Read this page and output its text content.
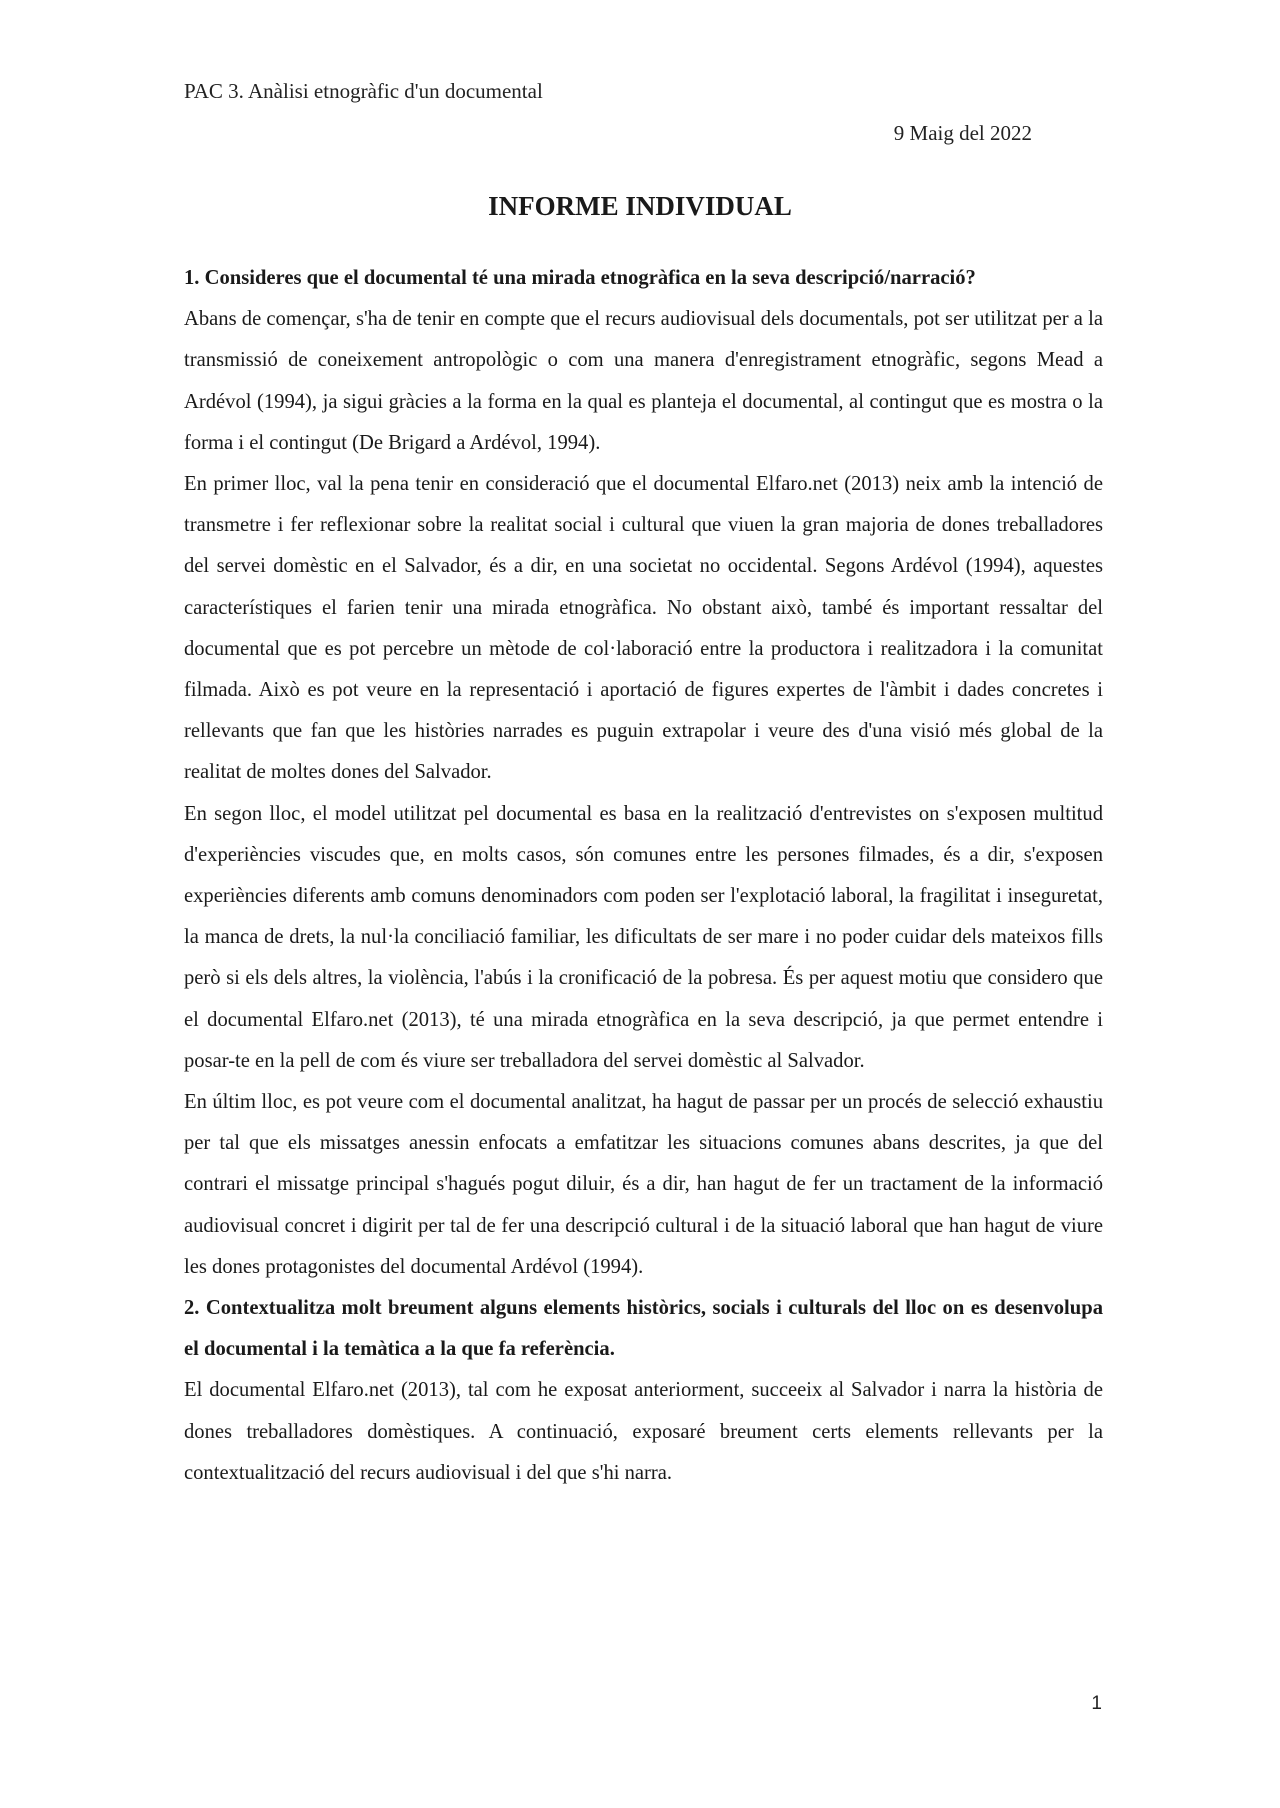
PAC 3. Anàlisi etnogràfic d'un documental
9 Maig del 2022
INFORME INDIVIDUAL

1. Consideres que el documental té una mirada etnogràfica en la seva descripció/narració?

Abans de començar, s'ha de tenir en compte que el recurs audiovisual dels documentals, pot ser utilitzat per a la transmissió de coneixement antropològic o com una manera d'enregistrament etnogràfic, segons Mead a Ardévol (1994), ja sigui gràcies a la forma en la qual es planteja el documental, al contingut que es mostra o la forma i el contingut (De Brigard a Ardévol, 1994).

En primer lloc, val la pena tenir en consideració que el documental Elfaro.net (2013) neix amb la intenció de transmetre i fer reflexionar sobre la realitat social i cultural que viuen la gran majoria de dones treballadores del servei domèstic en el Salvador, és a dir, en una societat no occidental. Segons Ardévol (1994), aquestes característiques el farien tenir una mirada etnogràfica. No obstant això, també és important ressaltar del documental que es pot percebre un mètode de col·laboració entre la productora i realitzadora i la comunitat filmada. Això es pot veure en la representació i aportació de figures expertes de l'àmbit i dades concretes i rellevants que fan que les històries narrades es puguin extrapolar i veure des d'una visió més global de la realitat de moltes dones del Salvador.

En segon lloc, el model utilitzat pel documental es basa en la realització d'entrevistes on s'exposen multitud d'experiències viscudes que, en molts casos, són comunes entre les persones filmades, és a dir, s'exposen experiències diferents amb comuns denominadors com poden ser l'explotació laboral, la fragilitat i inseguretat, la manca de drets, la nul·la conciliació familiar, les dificultats de ser mare i no poder cuidar dels mateixos fills però si els dels altres, la violència, l'abús i la cronificació de la pobresa. És per aquest motiu que considero que el documental Elfaro.net (2013), té una mirada etnogràfica en la seva descripció, ja que permet entendre i posar-te en la pell de com és viure ser treballadora del servei domèstic al Salvador.

En últim lloc, es pot veure com el documental analitzat, ha hagut de passar per un procés de selecció exhaustiu per tal que els missatges anessin enfocats a emfatitzar les situacions comunes abans descrites, ja que del contrari el missatge principal s'hagués pogut diluir, és a dir, han hagut de fer un tractament de la informació audiovisual concret i digirit per tal de fer una descripció cultural i de la situació laboral que han hagut de viure les dones protagonistes del documental Ardévol (1994).

2. Contextualitza molt breument alguns elements històrics, socials i culturals del lloc on es desenvolupa el documental i la temàtica a la que fa referència.

El documental Elfaro.net (2013), tal com he exposat anteriorment, succeeix al Salvador i narra la història de dones treballadores domèstiques. A continuació, exposaré breument certs elements rellevants per la contextualització del recurs audiovisual i del que s'hi narra.

1
